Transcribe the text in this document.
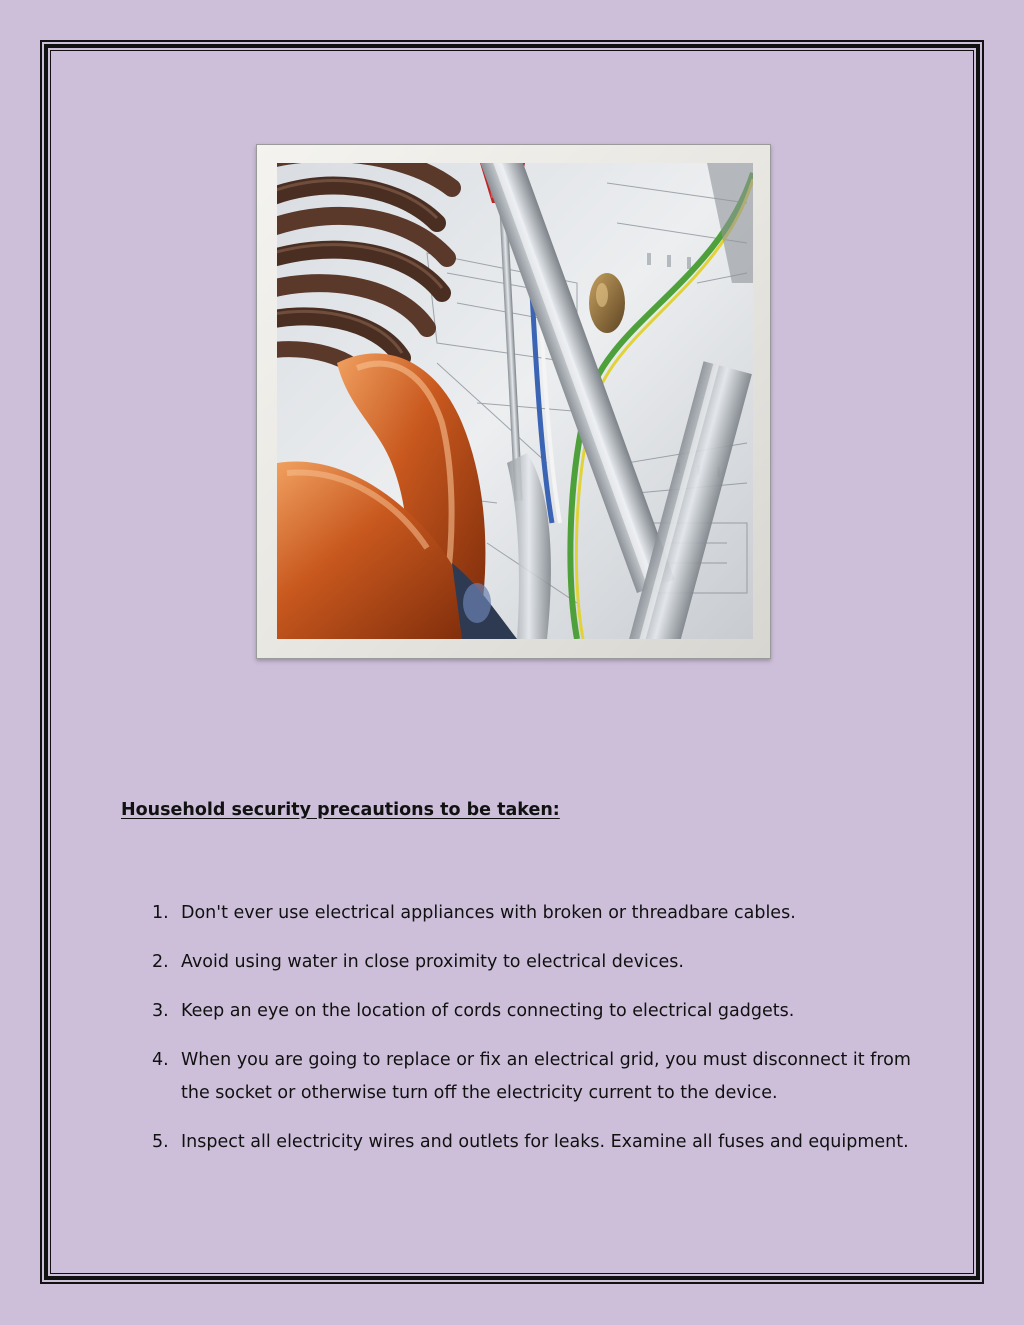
Household security precautions to be taken:
1. Don't ever use electrical appliances with broken or threadbare cables.
2. Avoid using water in close proximity to electrical devices.
3. Keep an eye on the location of cords connecting to electrical gadgets.
4. When you are going to replace or fix an electrical grid, you must disconnect it from the socket or otherwise turn off the electricity current to the device.
5. Inspect all electricity wires and outlets for leaks. Examine all fuses and equipment.
